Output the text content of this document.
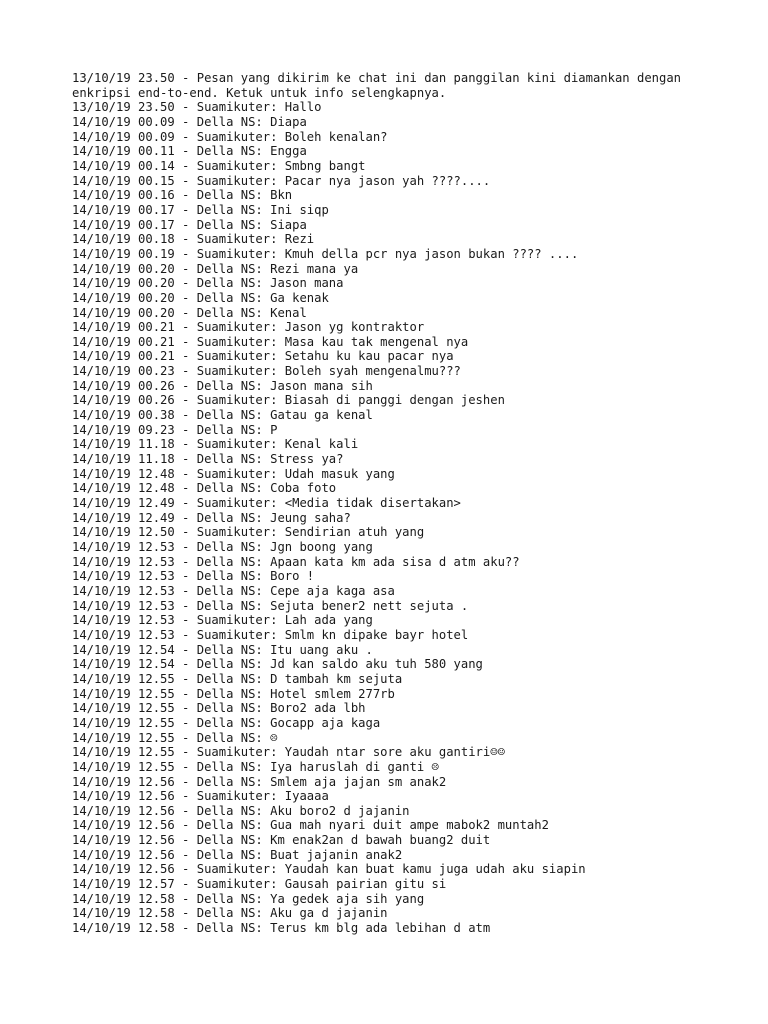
13/10/19 23.50 - Pesan yang dikirim ke chat ini dan panggilan kini diamankan dengan
enkripsi end-to-end. Ketuk untuk info selengkapnya.
13/10/19 23.50 - Suamikuter: Hallo
14/10/19 00.09 - Della NS: Diapa
14/10/19 00.09 - Suamikuter: Boleh kenalan?
14/10/19 00.11 - Della NS: Engga
14/10/19 00.14 - Suamikuter: Smbng bangt
14/10/19 00.15 - Suamikuter: Pacar nya jason yah ????....
14/10/19 00.16 - Della NS: Bkn
14/10/19 00.17 - Della NS: Ini siqp
14/10/19 00.17 - Della NS: Siapa
14/10/19 00.18 - Suamikuter: Rezi
14/10/19 00.19 - Suamikuter: Kmuh della pcr nya jason bukan ???? ....
14/10/19 00.20 - Della NS: Rezi mana ya
14/10/19 00.20 - Della NS: Jason mana
14/10/19 00.20 - Della NS: Ga kenak
14/10/19 00.20 - Della NS: Kenal
14/10/19 00.21 - Suamikuter: Jason yg kontraktor
14/10/19 00.21 - Suamikuter: Masa kau tak mengenal nya
14/10/19 00.21 - Suamikuter: Setahu ku kau pacar nya
14/10/19 00.23 - Suamikuter: Boleh syah mengenalmu???
14/10/19 00.26 - Della NS: Jason mana sih
14/10/19 00.26 - Suamikuter: Biasah di panggi dengan jeshen
14/10/19 00.38 - Della NS: Gatau ga kenal
14/10/19 09.23 - Della NS: P
14/10/19 11.18 - Suamikuter: Kenal kali
14/10/19 11.18 - Della NS: Stress ya?
14/10/19 12.48 - Suamikuter: Udah masuk yang
14/10/19 12.48 - Della NS: Coba foto
14/10/19 12.49 - Suamikuter: <Media tidak disertakan>
14/10/19 12.49 - Della NS: Jeung saha?
14/10/19 12.50 - Suamikuter: Sendirian atuh yang
14/10/19 12.53 - Della NS: Jgn boong yang
14/10/19 12.53 - Della NS: Apaan kata km ada sisa d atm aku??
14/10/19 12.53 - Della NS: Boro !
14/10/19 12.53 - Della NS: Cepe aja kaga asa
14/10/19 12.53 - Della NS: Sejuta bener2 nett sejuta .
14/10/19 12.53 - Suamikuter: Lah ada yang
14/10/19 12.53 - Suamikuter: Smlm kn dipake bayr hotel
14/10/19 12.54 - Della NS: Itu uang aku .
14/10/19 12.54 - Della NS: Jd kan saldo aku tuh 580 yang
14/10/19 12.55 - Della NS: D tambah km sejuta
14/10/19 12.55 - Della NS: Hotel smlem 277rb
14/10/19 12.55 - Della NS: Boro2 ada lbh
14/10/19 12.55 - Della NS: Gocapp aja kaga
14/10/19 12.55 - Della NS: ☹
14/10/19 12.55 - Suamikuter: Yaudah ntar sore aku gantiri☺☺
14/10/19 12.55 - Della NS: Iya haruslah di ganti ☹
14/10/19 12.56 - Della NS: Smlem aja jajan sm anak2
14/10/19 12.56 - Suamikuter: Iyaaaa
14/10/19 12.56 - Della NS: Aku boro2 d jajanin
14/10/19 12.56 - Della NS: Gua mah nyari duit ampe mabok2 muntah2
14/10/19 12.56 - Della NS: Km enak2an d bawah buang2 duit
14/10/19 12.56 - Della NS: Buat jajanin anak2
14/10/19 12.56 - Suamikuter: Yaudah kan buat kamu juga udah aku siapin
14/10/19 12.57 - Suamikuter: Gausah pairian gitu si
14/10/19 12.58 - Della NS: Ya gedek aja sih yang
14/10/19 12.58 - Della NS: Aku ga d jajanin
14/10/19 12.58 - Della NS: Terus km blg ada lebihan d atm
